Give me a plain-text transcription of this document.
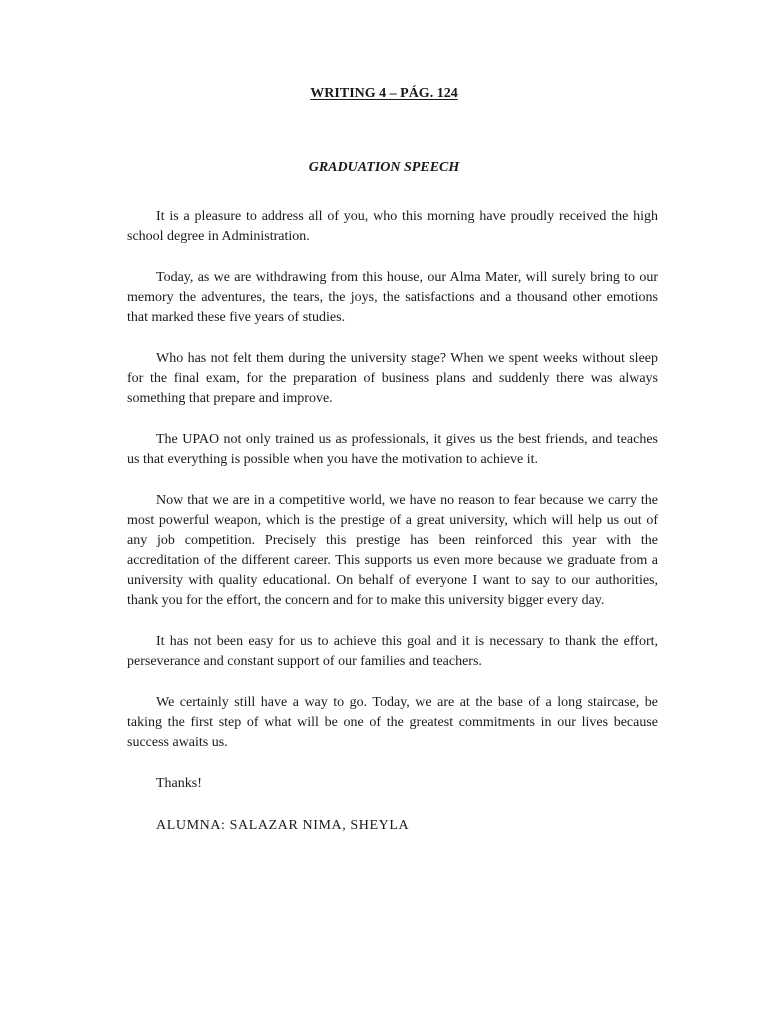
WRITING 4 – PÁG. 124

GRADUATION SPEECH

It is a pleasure to address all of you, who this morning have proudly received the high school degree in Administration.

Today, as we are withdrawing from this house, our Alma Mater, will surely bring to our memory the adventures, the tears, the joys, the satisfactions and a thousand other emotions that marked these five years of studies.

Who has not felt them during the university stage? When we spent weeks without sleep for the final exam, for the preparation of business plans and suddenly there was always something that prepare and improve.

The UPAO not only trained us as professionals, it gives us the best friends, and teaches us that everything is possible when you have the motivation to achieve it.

Now that we are in a competitive world, we have no reason to fear because we carry the most powerful weapon, which is the prestige of a great university, which will help us out of any job competition. Precisely this prestige has been reinforced this year with the accreditation of the different career. This supports us even more because we graduate from a university with quality educational. On behalf of everyone I want to say to our authorities, thank you for the effort, the concern and for to make this university bigger every day.

It has not been easy for us to achieve this goal and it is necessary to thank the effort, perseverance and constant support of our families and teachers.

We certainly still have a way to go. Today, we are at the base of a long staircase, be taking the first step of what will be one of the greatest commitments in our lives because success awaits us.

Thanks!

ALUMNA: SALAZAR NIMA, SHEYLA
